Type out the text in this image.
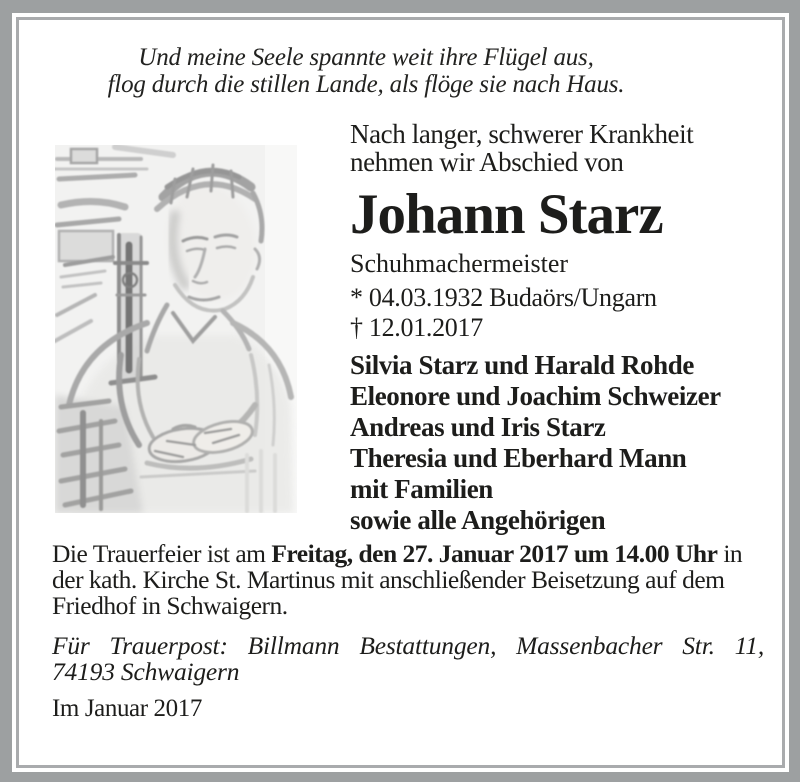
Und meine Seele spannte weit ihre Flügel aus,
flog durch die stillen Lande, als flöge sie nach Haus.
Nach langer, schwerer Krankheit
nehmen wir Abschied von
Johann Starz
Schuhmachermeister
* 04.03.1932 Budaörs/Ungarn
† 12.01.2017
Silvia Starz und Harald Rohde
Eleonore und Joachim Schweizer
Andreas und Iris Starz
Theresia und Eberhard Mann
mit Familien
sowie alle Angehörigen
Die Trauerfeier ist am Freitag, den 27. Januar 2017 um 14.00 Uhr in der kath. Kirche St. Martinus mit anschließender Beisetzung auf dem Friedhof in Schwaigern.
Für Trauerpost: Billmann Bestattungen, Massenbacher Str. 11,
74193 Schwaigern
Im Januar 2017
